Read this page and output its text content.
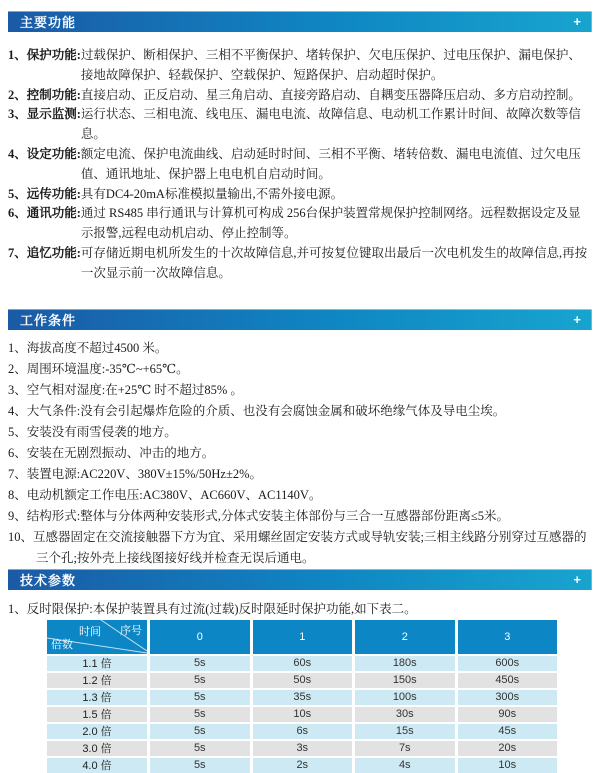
主要功能	+
1、保护功能: 过载保护、断相保护、三相不平衡保护、堵转保护、欠电压保护、过电压保护、漏电保护、接地故障保护、轻载保护、空载保护、短路保护、启动超时保护。
2、控制功能: 直接启动、正反启动、星三角启动、直接旁路启动、自耦变压器降压启动、多方启动控制。
3、显示监测: 运行状态、三相电流、线电压、漏电电流、故障信息、电动机工作累计时间、故障次数等信息。
4、设定功能: 额定电流、保护电流曲线、启动延时时间、三相不平衡、堵转倍数、漏电电流值、过欠电压值、通讯地址、保护器上电电机自启动时间。
5、远传功能: 具有DC4-20mA标准模拟量输出,不需外接电源。
6、通讯功能: 通过 RS485 串行通讯与计算机可构成 256台保护装置常规保护控制网络。远程数据设定及显示报警,远程电动机启动、停止控制等。
7、追忆功能: 可存储近期电机所发生的十次故障信息,并可按复位键取出最后一次电机发生的故障信息,再按一次显示前一次故障信息。
工作条件	+
1、海拔高度不超过4500 米。
2、周围环境温度:-35℃~+65℃。
3、空气相对湿度:在+25℃ 时不超过85% 。
4、大气条件:没有会引起爆炸危险的介质、也没有会腐蚀金属和破坏绝缘气体及导电尘埃。
5、安装没有雨雪侵袭的地方。
6、安装在无剧烈振动、冲击的地方。
7、装置电源:AC220V、380V±15%/50Hz±2%。
8、电动机额定工作电压:AC380V、AC660V、AC1140V。
9、结构形式:整体与分体两种安装形式,分体式安装主体部份与三合一互感器部份距离≤5米。
10、互感器固定在交流接触器下方为宜、采用螺丝固定安装方式或导轨安装;三相主线路分别穿过互感器的三个孔;按外壳上接线图接好线并检查无误后通电。
技术参数	+
1、反时限保护:本保护装置具有过流(过载)反时限延时保护功能,如下表二。
时间 序号
倍数
0	1	2	3
1.1 倍	5s	60s	180s	600s
1.2 倍	5s	50s	150s	450s
1.3 倍	5s	35s	100s	300s
1.5 倍	5s	10s	30s	90s
2.0 倍	5s	6s	15s	45s
3.0 倍	5s	3s	7s	20s
4.0 倍	5s	2s	4s	10s
